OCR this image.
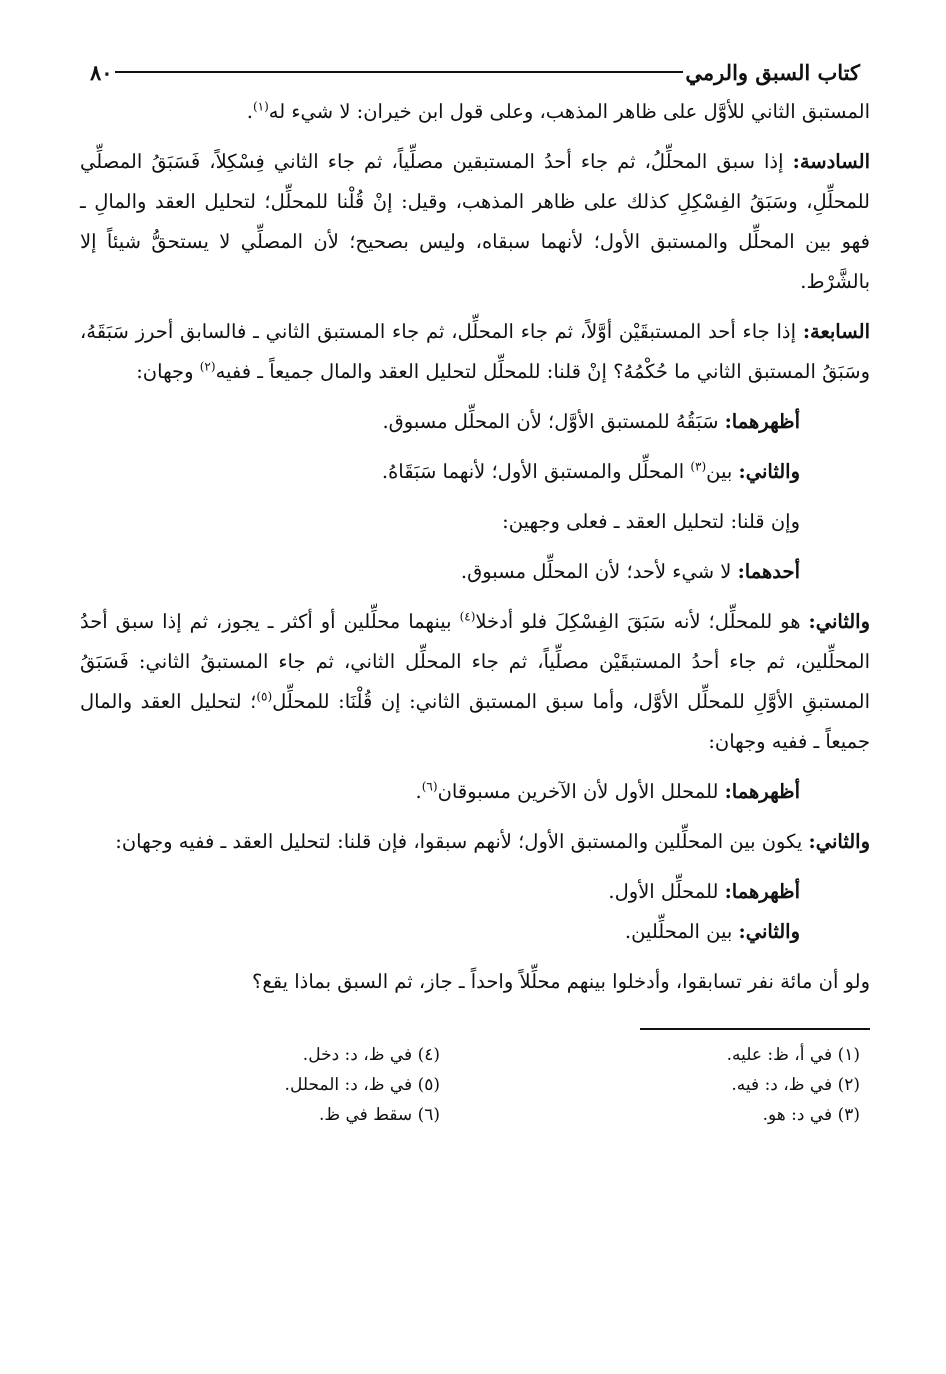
كتاب السبق والرمي
٨٠

المستبق الثاني للأوَّل على ظاهر المذهب، وعلى قول ابن خيران: لا شيء له$^{(١)}$.

السادسة: إذا سبق المحلِّلُ، ثم جاء أحدُ المستبقين مصلِّياً، ثم جاء الثاني فِسْكِلاً، فَسَبَقُ المصلِّي للمحلِّلِ، وسَبَقُ الفِسْكِلِ كذلك على ظاهر المذهب، وقيل: إنْ قُلْنا للمحلِّل؛ لتحليل العقد والمالِ ـ فهو بين المحلِّل والمستبق الأول؛ لأنهما سبقاه، وليس بصحيح؛ لأن المصلِّي لا يستحقُّ شيئاً إلا بالشَّرْط.

السابعة: إذا جاء أحد المستبقَيْن أوَّلاً، ثم جاء المحلِّل، ثم جاء المستبق الثاني ـ فالسابق أحرز سَبَقَهُ، وسَبَقُ المستبق الثاني ما حُكْمُهُ؟ إنْ قلنا: للمحلِّل لتحليل العقد والمال جميعاً ـ ففيه$^{(٢)}$ وجهان:

أظهرهما: سَبَقُهُ للمستبق الأوَّل؛ لأن المحلِّل مسبوق.

والثاني: بين$^{(٣)}$ المحلِّل والمستبق الأول؛ لأنهما سَبَقَاهُ.

وإن قلنا: لتحليل العقد ـ فعلى وجهين:

أحدهما: لا شيء لأحد؛ لأن المحلِّل مسبوق.

والثاني: هو للمحلِّل؛ لأنه سَبَقَ الفِسْكِلَ فلو أدخلا$^{(٤)}$ بينهما محلِّلين أو أكثر ـ يجوز، ثم إذا سبق أحدُ المحلِّلين، ثم جاء أحدُ المستبقَيْن مصلِّياً، ثم جاء المحلِّل الثاني، ثم جاء المستبقُ الثاني: فَسَبَقُ المستبقِ الأوَّلِ للمحلِّل الأوَّل، وأما سبق المستبق الثاني: إن قُلْنَا: للمحلِّل$^{(٥)}$؛ لتحليل العقد والمال جميعاً ـ ففيه وجهان:

أظهرهما: للمحلل الأول لأن الآخرين مسبوقان$^{(٦)}$.

والثاني: يكون بين المحلِّلين والمستبق الأول؛ لأنهم سبقوا، فإن قلنا: لتحليل العقد ـ ففيه وجهان:

أظهرهما: للمحلِّل الأول.

والثاني: بين المحلِّلين.

ولو أن مائة نفر تسابقوا، وأدخلوا بينهم محلِّلاً واحداً ـ جاز، ثم السبق بماذا يقع؟

(١) في أ، ظ: عليه.
(٢) في ظ، د: فيه.
(٣) في د: هو.
(٤) في ظ، د: دخل.
(٥) في ظ، د: المحلل.
(٦) سقط في ظ.
